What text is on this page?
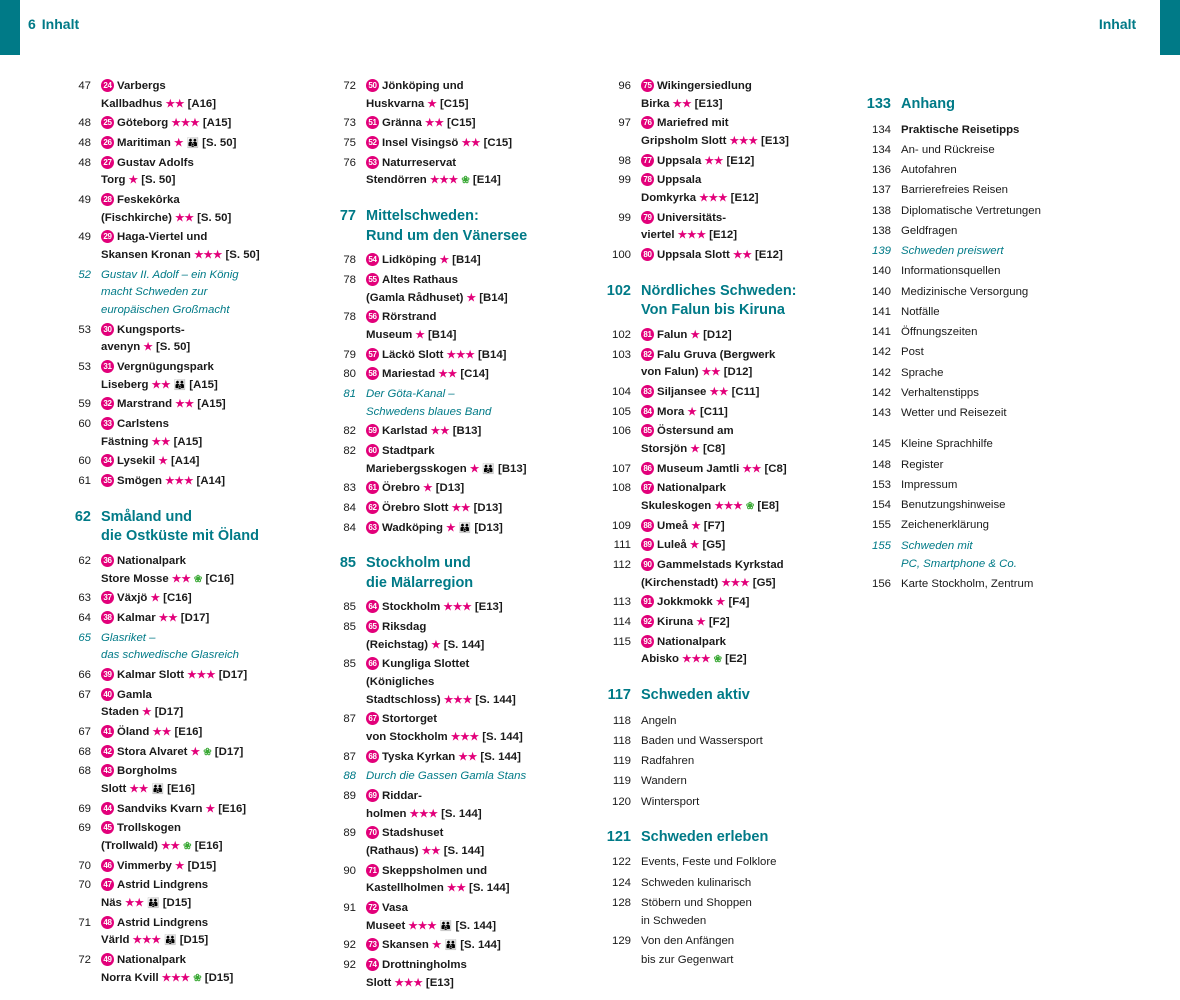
6 Inhalt	Inhalt 7
47	24 Varbergs
Kallbadhus ★★ [A16]
48	25 Göteborg ★★★ [A15]
48	26 Maritiman ★ 👪 [S. 50]
48	27 Gustav Adolfs
Torg ★ [S. 50]
49	28 Feskekôrka
(Fischkirche) ★★ [S. 50]
49	29 Haga-Viertel und
Skansen Kronan ★★★ [S. 50]
52 Gustav II. Adolf – ein König
macht Schweden zur
europäischen Großmacht
53	30 Kungsports-
avenyn ★ [S. 50]
53	31 Vergnügungspark
Liseberg ★★ 👪 [A15]
59	32 Marstrand ★★ [A15]
60	33 Carlstens
Fästning ★★ [A15]
60	34 Lysekil ★ [A14]
61	35 Smögen ★★★ [A14]
62 Småland und
die Ostküste mit Öland
62	36 Nationalpark
Store Mosse ★★ ❀ [C16]
63	37 Växjö ★ [C16]
64	38 Kalmar ★★ [D17]
65 Glasriket –
das schwedische Glasreich
66	39 Kalmar Slott ★★★ [D17]
67	40 Gamla
Staden ★ [D17]
67	41 Öland ★★ [E16]
68	42 Stora Alvaret ★ ❀ [D17]
68	43 Borgholms
Slott ★★ 👪 [E16]
69	44 Sandviks Kvarn ★ [E16]
69	45 Trollskogen
(Trollwald) ★★ ❀ [E16]
70	46 Vimmerby ★ [D15]
70	47 Astrid Lindgrens
Näs ★★ 👪 [D15]
71	48 Astrid Lindgrens
Värld ★★★ 👪 [D15]
72	49 Nationalpark
Norra Kvill ★★★ ❀ [D15]
72	50 Jönköping und
Huskvarna ★ [C15]
73	51 Gränna ★★ [C15]
75	52 Insel Visingsö ★★ [C15]
76	53 Naturreservat
Stendörren ★★★ ❀ [E14]
77 Mittelschweden:
Rund um den Vänersee
78	54 Lidköping ★ [B14]
78	55 Altes Rathaus
(Gamla Rådhuset) ★ [B14]
78	56 Rörstrand
Museum ★ [B14]
79	57 Läckö Slott ★★★ [B14]
80	58 Mariestad ★★ [C14]
81 Der Göta-Kanal –
Schwedens blaues Band
82	59 Karlstad ★★ [B13]
82	60 Stadtpark
Mariebergsskogen ★ 👪 [B13]
83	61 Örebro ★ [D13]
84	62 Örebro Slott ★★ [D13]
84	63 Wadköping ★ 👪 [D13]
85 Stockholm und
die Mälarregion
85	64 Stockholm ★★★ [E13]
85	65 Riksdag
(Reichstag) ★ [S. 144]
85	66 Kungliga Slottet
(Königliches
Stadtschloss) ★★★ [S. 144]
87	67 Stortorget
von Stockholm ★★★ [S. 144]
87	68 Tyska Kyrkan ★★ [S. 144]
88 Durch die Gassen Gamla Stans
89	69 Riddar-
holmen ★★★ [S. 144]
89	70 Stadshuset
(Rathaus) ★★ [S. 144]
90	71 Skeppsholmen und
Kastellholmen ★★ [S. 144]
91	72 Vasa
Museet ★★★ 👪 [S. 144]
92	73 Skansen ★ 👪 [S. 144]
92	74 Drottningholms
Slott ★★★ [E13]
96	75 Wikingersiedlung
Birka ★★ [E13]
97	76 Mariefred mit
Gripsholm Slott ★★★ [E13]
98	77 Uppsala ★★ [E12]
99	78 Uppsala
Domkyrka ★★★ [E12]
99	79 Universitäts-
viertel ★★★ [E12]
100	80 Uppsala Slott ★★ [E12]
102 Nördliches Schweden:
Von Falun bis Kiruna
102	81 Falun ★ [D12]
103	82 Falu Gruva (Bergwerk
von Falun) ★★ [D12]
104	83 Siljansee ★★ [C11]
105	84 Mora ★ [C11]
106	85 Östersund am
Storsjön ★ [C8]
107	86 Museum Jamtli ★★ [C8]
108	87 Nationalpark
Skuleskogen ★★★ ❀ [E8]
109	88 Umeå ★ [F7]
111	89 Luleå ★ [G5]
112	90 Gammelstads Kyrkstad
(Kirchenstadt) ★★★ [G5]
113	91 Jokkmokk ★ [F4]
114	92 Kiruna ★ [F2]
115	93 Nationalpark
Abisko ★★★ ❀ [E2]
117 Schweden aktiv
118 Angeln
118 Baden und Wassersport
119 Radfahren
119 Wandern
120 Wintersport
121 Schweden erleben
122 Events, Feste und Folklore
124 Schweden kulinarisch
128 Stöbern und Shoppen
in Schweden
129 Von den Anfängen
bis zur Gegenwart
133 Anhang
134 Praktische Reisetipps
134 An- und Rückreise
136 Autofahren
137 Barrierefreies Reisen
138 Diplomatische Vertretungen
138 Geldfragen
139 Schweden preiswert
140 Informationsquellen
140 Medizinische Versorgung
141 Notfälle
141 Öffnungszeiten
142 Post
142 Sprache
142 Verhaltenstipps
143 Wetter und Reisezeit
145 Kleine Sprachhilfe
148 Register
153 Impressum
154 Benutzungshinweise
155 Zeichenerklärung
155 Schweden mit
PC, Smartphone & Co.
156 Karte Stockholm, Zentrum
